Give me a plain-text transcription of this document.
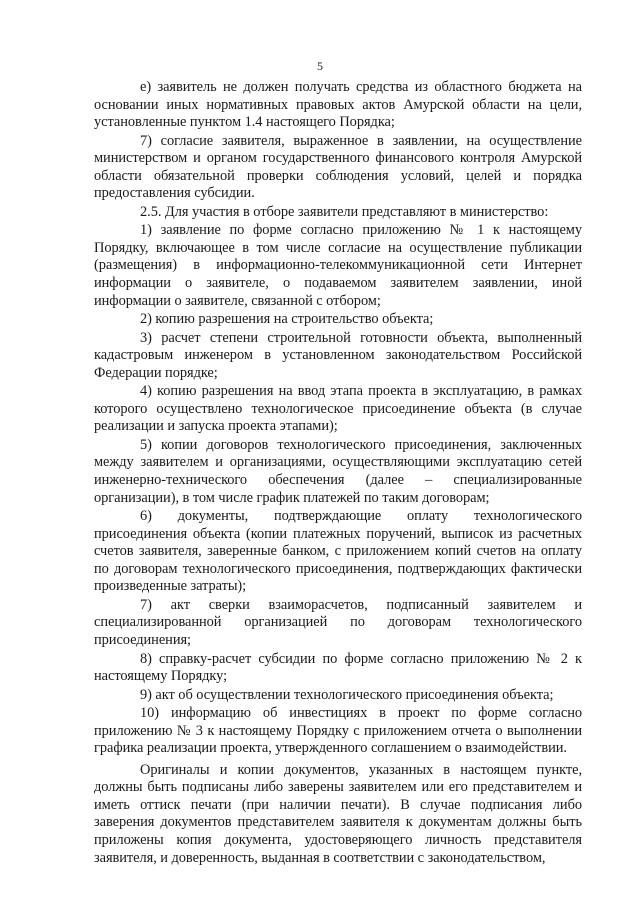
5

е) заявитель не должен получать средства из областного бюджета на основании иных нормативных правовых актов Амурской области на цели, установленные пунктом 1.4 настоящего Порядка;

7) согласие заявителя, выраженное в заявлении, на осуществление министерством и органом государственного финансового контроля Амурской области обязательной проверки соблюдения условий, целей и порядка предоставления субсидии.

2.5. Для участия в отборе заявители представляют в министерство:

1) заявление по форме согласно приложению № 1 к настоящему Порядку, включающее в том числе согласие на осуществление публикации (размещения) в информационно-телекоммуникационной сети Интернет информации о заявителе, о подаваемом заявителем заявлении, иной информации о заявителе, связанной с отбором;

2) копию разрешения на строительство объекта;

3) расчет степени строительной готовности объекта, выполненный кадастровым инженером в установленном законодательством Российской Федерации порядке;

4) копию разрешения на ввод этапа проекта в эксплуатацию, в рамках которого осуществлено технологическое присоединение объекта (в случае реализации и запуска проекта этапами);

5) копии договоров технологического присоединения, заключенных между заявителем и организациями, осуществляющими эксплуатацию сетей инженерно-технического обеспечения (далее – специализированные организации), в том числе график платежей по таким договорам;

6) документы, подтверждающие оплату технологического присоединения объекта (копии платежных поручений, выписок из расчетных счетов заявителя, заверенные банком, с приложением копий счетов на оплату по договорам технологического присоединения, подтверждающих фактически произведенные затраты);

7) акт сверки взаиморасчетов, подписанный заявителем и специализированной организацией по договорам технологического присоединения;

8) справку-расчет субсидии по форме согласно приложению № 2 к настоящему Порядку;

9) акт об осуществлении технологического присоединения объекта;

10) информацию об инвестициях в проект по форме согласно приложению № 3 к настоящему Порядку с приложением отчета о выполнении графика реализации проекта, утвержденного соглашением о взаимодействии.

Оригиналы и копии документов, указанных в настоящем пункте, должны быть подписаны либо заверены заявителем или его представителем и иметь оттиск печати (при наличии печати). В случае подписания либо заверения документов представителем заявителя к документам должны быть приложены копия документа, удостоверяющего личность представителя заявителя, и доверенность, выданная в соответствии с законодательством,
